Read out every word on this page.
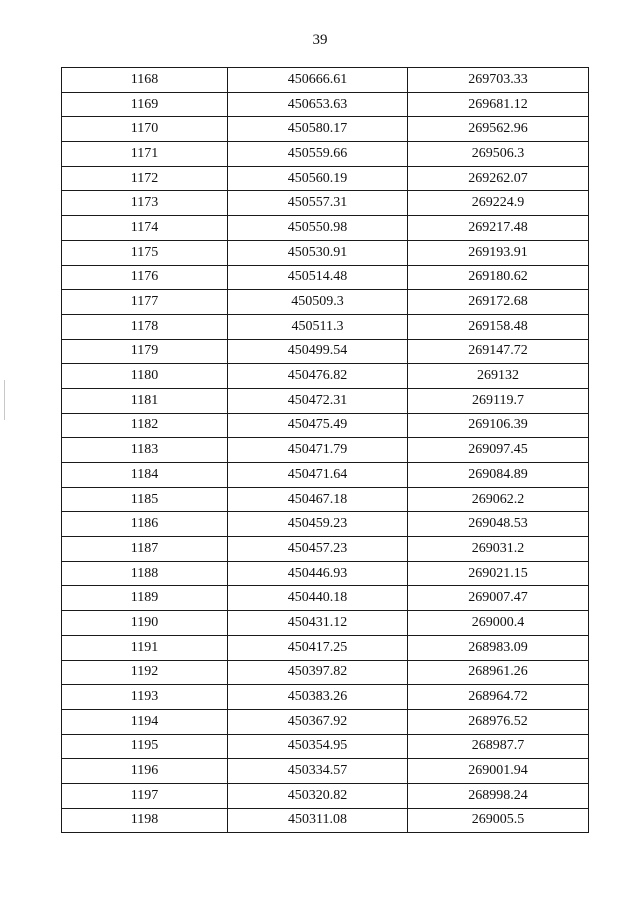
39
1168	450666.61	269703.33
1169	450653.63	269681.12
1170	450580.17	269562.96
1171	450559.66	269506.3
1172	450560.19	269262.07
1173	450557.31	269224.9
1174	450550.98	269217.48
1175	450530.91	269193.91
1176	450514.48	269180.62
1177	450509.3	269172.68
1178	450511.3	269158.48
1179	450499.54	269147.72
1180	450476.82	269132
1181	450472.31	269119.7
1182	450475.49	269106.39
1183	450471.79	269097.45
1184	450471.64	269084.89
1185	450467.18	269062.2
1186	450459.23	269048.53
1187	450457.23	269031.2
1188	450446.93	269021.15
1189	450440.18	269007.47
1190	450431.12	269000.4
1191	450417.25	268983.09
1192	450397.82	268961.26
1193	450383.26	268964.72
1194	450367.92	268976.52
1195	450354.95	268987.7
1196	450334.57	269001.94
1197	450320.82	268998.24
1198	450311.08	269005.5
